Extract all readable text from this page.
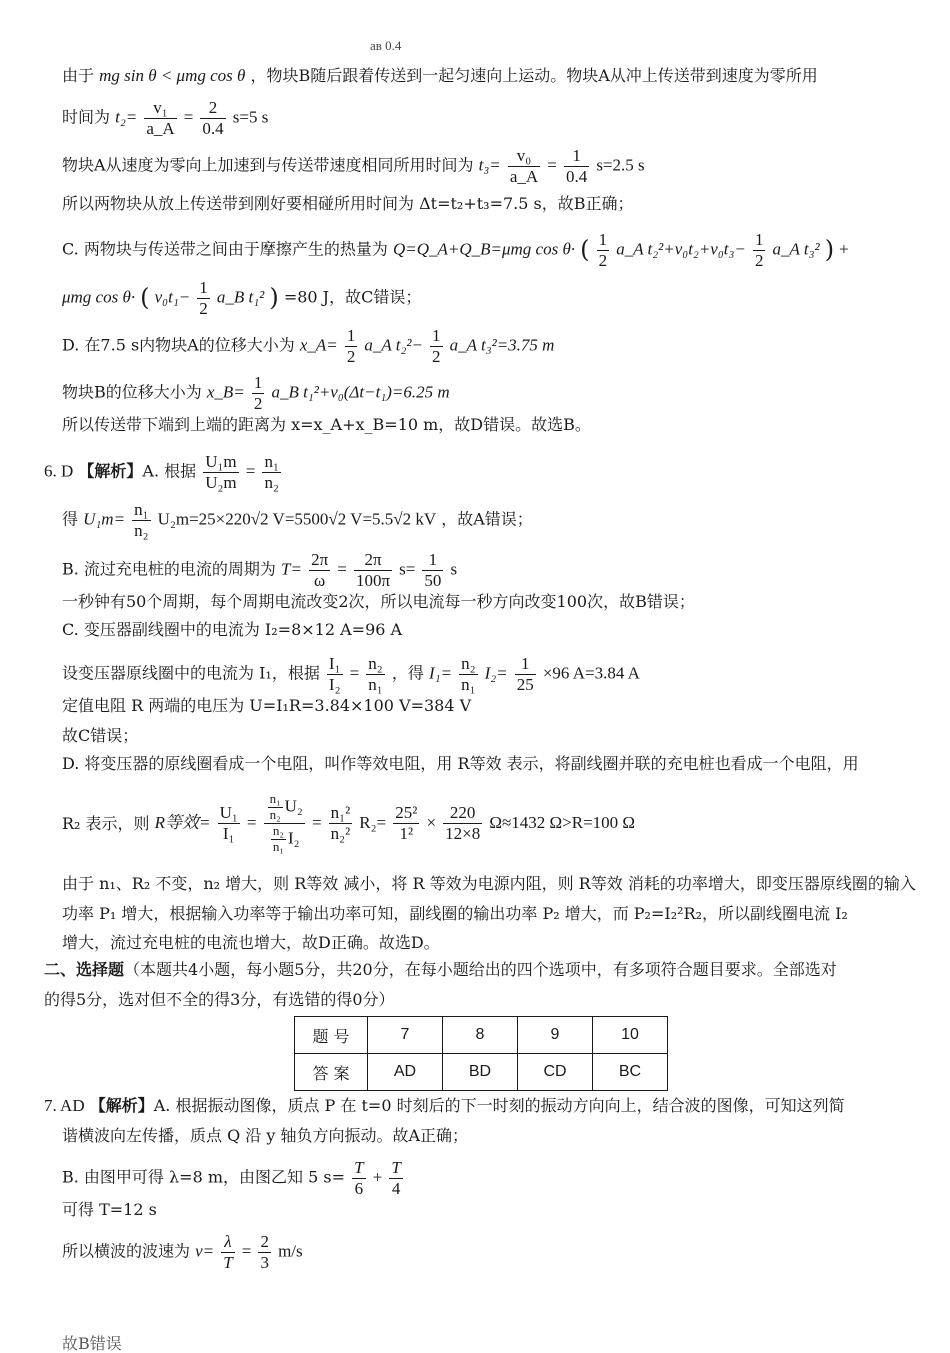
aʙ 0.4
由于 mg sin θ < μmg cos θ ，物块B随后跟着传送到一起匀速向上运动。物块A从冲上传送带到速度为零所用
时间为 $t_2= \frac{\text{v₁}}{a\_A} = \frac{2}{0.4} s=5$ s
物块A从速度为零向上加速到与传送带速度相同所用时间为 $t_3= \frac{\text{v₀}}{a\_A} = \frac{1}{0.4} s=2.5$ s
所以两物块从放上传送带到刚好要相碰所用时间为 Δt=t₂+t₃=7.5 s，故B正确；
C. 两物块与传送带之间由于摩擦产生的热量为 Q=Q_A+Q_B=μmg cos θ· ( $\frac{1}{2}$ a_A $t_2^2+v_0t_2+v_0t_3- \frac{1}{2}$ a_A t₃² ) +
μmg cos θ· ( $v_0t_1- \frac{1}{2}$ a_B t₁² ) =80 J，故C错误；
D. 在7.5 s内物块A的位移大小为 x_A= $\frac{1}{2}$ a_A $t_2^2- \frac{1}{2}$ a_A t₃²=3.75 m
物块B的位移大小为 x_B= $\frac{1}{2}$ a_B t₁²+v₀(Δt−t₁)=6.25 m
所以传送带下端到上端的距离为 x=x_A+x_B=10 m，故D错误。故选B。
6. D 【解析】A. 根据 $\frac{\text{U₁m}}{\text{U₂m}} = \frac{\text{n₁}}{\text{n₂}}$
得 $U_1m= \frac{\text{n₁}}{\text{n₂}} U_2m=25\times 220√2$ V=5500√2 V=5.5√2 kV ，故A错误；
B. 流过充电桩的电流的周期为 $T= \frac{2\pi}{\omega} = \frac{2\pi}{100\pi} s= \frac{1}{50}$ s
一秒钟有50个周期，每个周期电流改变2次，所以电流每一秒方向改变100次，故B错误；
C. 变压器副线圈中的电流为 I₂=8×12 A=96 A
设变压器原线圈中的电流为 I₁，根据 $\frac{\text{I₁}}{\text{I₂}} = \frac{\text{n₂}}{\text{n₁}}$ ，得 $I_1= \frac{\text{n₂}}{\text{n₁}} I_2= \frac{1}{25} \times 96$ A=3.84 A
定值电阻 R 两端的电压为 U=I₁R=3.84×100 V=384 V
故C错误；
D. 将变压器的原线圈看成一个电阻，叫作等效电阻，用 R等效 表示，将副线圈并联的充电桩也看成一个电阻，用
R₂ 表示，则 R等效= $\frac{\text{U₁}}{\text{I₁}} = \frac{\frac{\text{n₁}}{\text{n₂}} U_2}{\frac{\text{n₂}}{\text{n₁}} I_2} = \frac{\text{n₁²}}{\text{n₂²}} R_2= \frac{\text{25²}}{\text{1²}} \times \frac{220}{12\times 8} \Omega\approx 1432$ Ω>R=100 Ω
由于 n₁、R₂ 不变，n₂ 增大，则 R等效 减小，将 R 等效为电源内阻，则 R等效 消耗的功率增大，即变压器原线圈的输入
功率 P₁ 增大，根据输入功率等于输出功率可知，副线圈的输出功率 P₂ 增大，而 P₂=I₂²R₂，所以副线圈电流 I₂
增大，流过充电桩的电流也增大，故D正确。故选D。
二、选择题（本题共4小题，每小题5分，共20分，在每小题给出的四个选项中，有多项符合题目要求。全部选对
的得5分，选对但不全的得3分，有选错的得0分）
题 号	7	8	9	10
答 案	AD	BD	CD	BC
7. AD 【解析】A. 根据振动图像，质点 P 在 t=0 时刻后的下一时刻的振动方向向上，结合波的图像，可知这列简
谐横波向左传播，质点 Q 沿 y 轴负方向振动。故A正确；
B. 由图甲可得 λ=8 m，由图乙知 5 $s= \frac{T}{6} + \frac{T}{4}$
可得 T=12 s
所以横波的波速为 $v= \frac{\lambda}{T} = \frac{2}{3} m/s$
故B错误
